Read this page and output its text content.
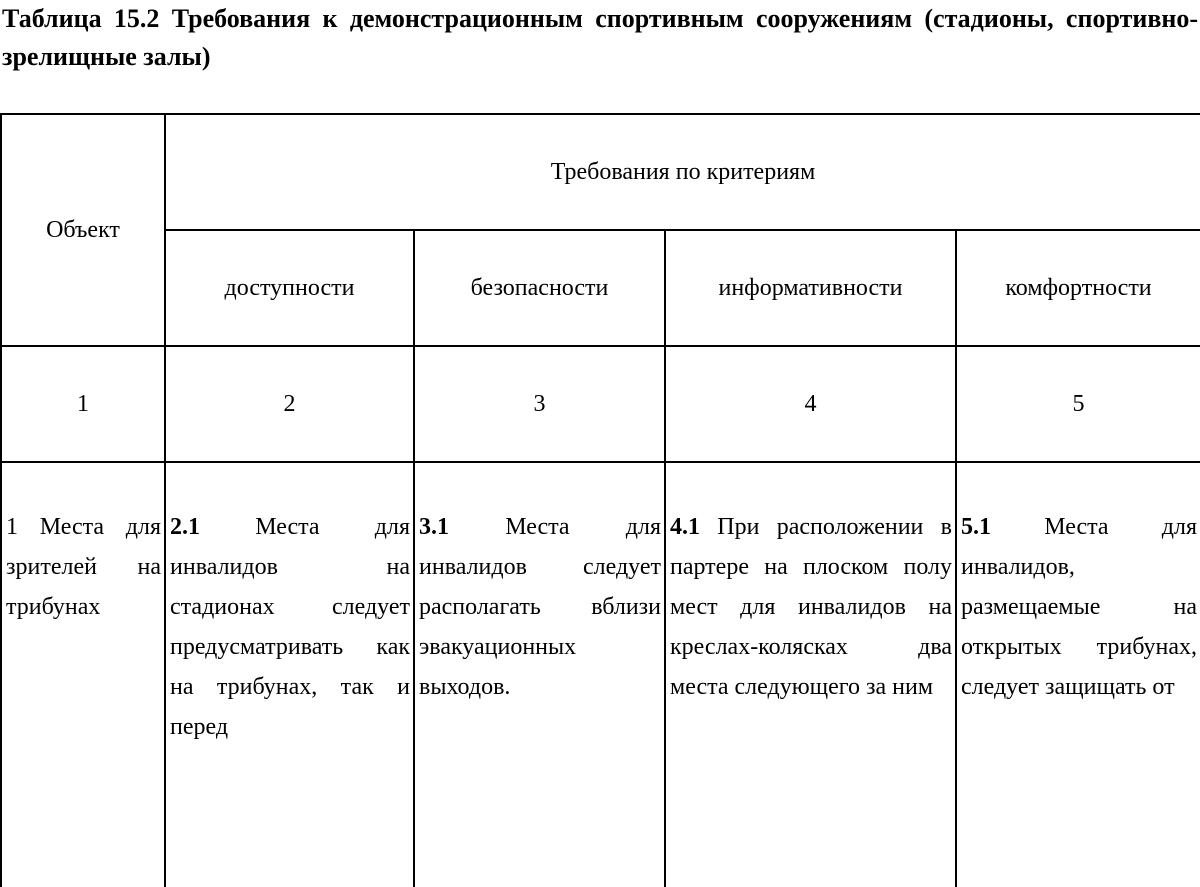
Таблица 15.2 Требования к демонстрационным спортивным сооружениям (стадионы, спортивно-зрелищные залы)
Объект	Требования по критериям			
	доступности	безопасности	информативности	комфортности
1	2	3	4	5

1 Места для зрителей на трибунах	2.1 Места для инвалидов на стадионах следует предусматривать как на трибунах, так и перед	3.1 Места для инвалидов следует располагать вблизи эвакуационных выходов.	4.1 При расположении в партере на плоском полу мест для инвалидов на креслах-колясках два места следующего за ним	5.1 Места для инвалидов, размещаемые на открытых трибунах, следует защищать от
